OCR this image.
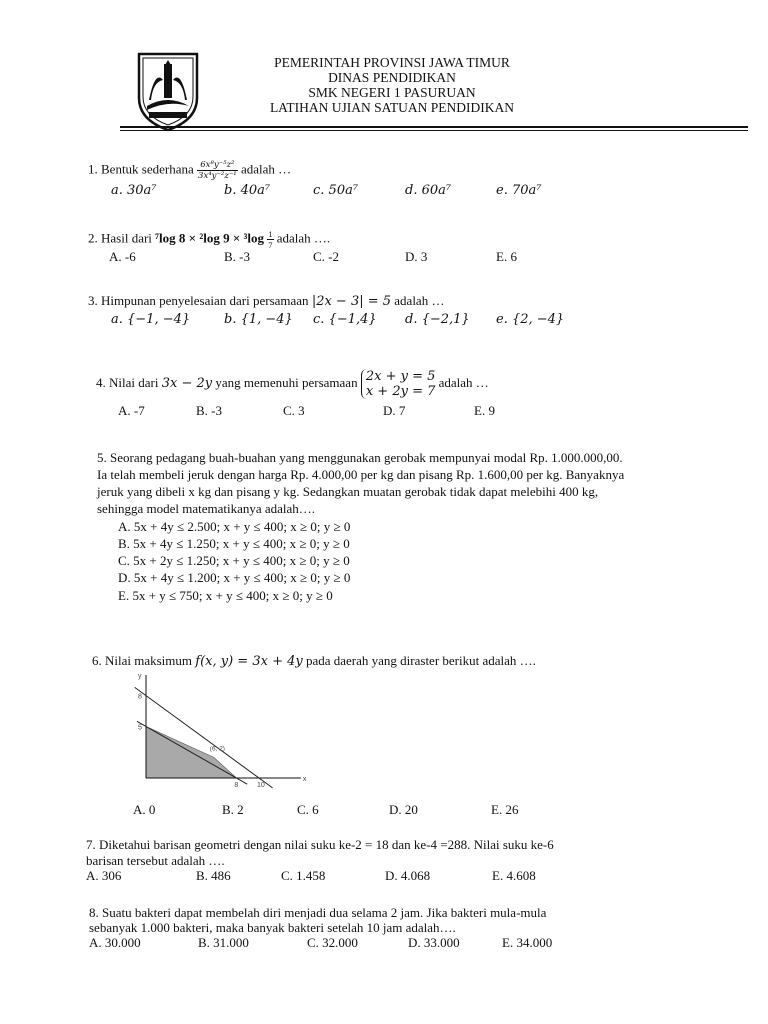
PEMERINTAH PROVINSI JAWA TIMUR
DINAS PENDIDIKAN
SMK NEGERI 1 PASURUAN
LATIHAN UJIAN SATUAN PENDIDIKAN
1. Bentuk sederhana $\frac{\text{6x⁸y⁻⁵z²}}{\text{3x⁴y⁻²z⁻¹}}$ adalah …
a. 30a⁷	b. 40a⁷	c. 50a⁷	d. 60a⁷	e. 70a⁷
2. Hasil dari ⁷log 8 × ²log $9 \times ^3\log \frac{1}{7}$ adalah ….
A. -6	B. -3	C. -2	D. 3	E. 6
3. Himpunan penyelesaian dari persamaan |2x − 3| = 5 adalah …
a. {−1, −4}	b. {1, −4} c. {−1,4} d. {−2,1} e. {2, −4}
4. Nilai dari 3x − 2y yang memenuhi persamaan 2x + y = 5
x + 2y = 7
adalah …
A. -7	B. -3	C. 3	D. 7	E. 9
5. Seorang pedagang buah-buahan yang menggunakan gerobak mempunyai modal Rp. 1.000.000,00.
Ia telah membeli jeruk dengan harga Rp. 4.000,00 per kg dan pisang Rp. 1.600,00 per kg. Banyaknya
jeruk yang dibeli x kg dan pisang y kg. Sedangkan muatan gerobak tidak dapat melebihi 400 kg,
sehingga model matematikanya adalah….
A. 5x + 4y ≤ 2.500; x + y ≤ 400; x ≥ 0; y ≥ 0
B. 5x + 4y ≤ 1.250; x + y ≤ 400; x ≥ 0; y ≥ 0
C. 5x + 2y ≤ 1.250; x + y ≤ 400; x ≥ 0; y ≥ 0
D. 5x + 4y ≤ 1.200; x + y ≤ 400; x ≥ 0; y ≥ 0
E. 5x + y ≤ 750; x + y ≤ 400; x ≥ 0; y ≥ 0
6. Nilai maksimum f(x, y) = 3x + 4y pada daerah yang diraster berikut adalah ….
x
y
5
8
8	10
(6, 2)
A. 0	B. 2	C. 6	D. 20	E. 26
7. Diketahui barisan geometri dengan nilai suku ke-2 = 18 dan ke-4 =288. Nilai suku ke-6
barisan tersebut adalah ….
A. 306	B. 486	C. 1.458	D. 4.068	E. 4.608
8. Suatu bakteri dapat membelah diri menjadi dua selama 2 jam. Jika bakteri mula-mula
sebanyak 1.000 bakteri, maka banyak bakteri setelah 10 jam adalah….
A. 30.000	B. 31.000	C. 32.000	D. 33.000	E. 34.000
